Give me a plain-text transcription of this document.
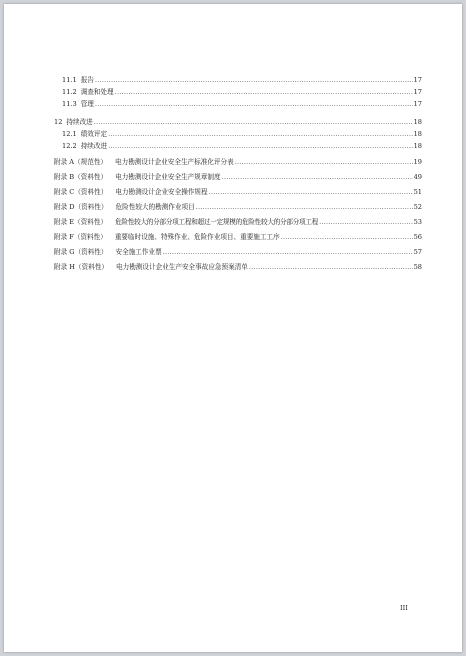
11.1 报告 .....	17
11.2 调查和处理 .....	17
11.3 管理 .....	17
12 持续改进 .....	18
12.1 绩效评定 .....	18
12.2 持续改进 .....	18
附录 A （规范性） 电力勘测设计企业安全生产标准化评分表 .....	19
附录 B （资料性） 电力勘测设计企业安全生产规章制度 .....	49
附录 C （资料性） 电力勘测设计企业安全操作规程 .....	51
附录 D （资料性） 危险性较大的勘测作业项目 .....	52
附录 E （资料性） 危险性较大的分部分项工程和超过一定规模的危险性较大的分部分项工程 .....	53
附录 F （资料性） 重要临时设施、特殊作业、危险作业项目、重要施工工序 .....	56
附录 G （资料性） 安全施工作业票 .....	57
附录 H （资料性） 电力勘测设计企业生产安全事故应急预案清单 .....	58
III
